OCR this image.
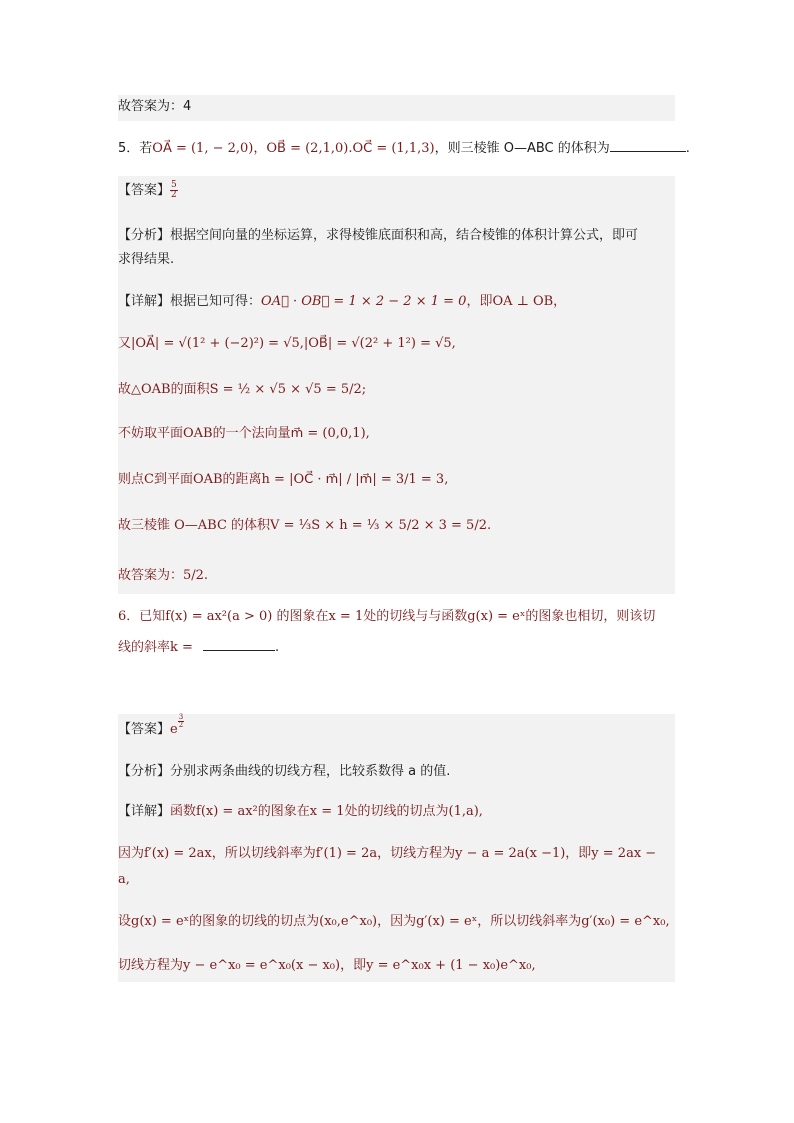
故答案为：4
5．若OA⃗ = (1, − 2,0)，OB⃗ = (2,1,0).OC⃗ = (1,1,3)，则三棱锥 O—ABC 的体积为	.
【答案】 $\frac{5}{2}$
【分析】根据空间向量的坐标运算，求得棱锥底面积和高，结合棱锥的体积计算公式，即可
求得结果.
【详解】根据已知可得：OA⃗ · OB⃗ = 1 × 2 − 2 × 1 = 0，即OA ⊥ OB，
又|OA⃗| = √(1² + (−2)²) = √5,|OB⃗| = √(2² + 1²) = √5,
故△OAB的面积S = ½ × √5 × √5 = 5/2;
不妨取平面OAB的一个法向量m⃗ = (0,0,1),
则点C到平面OAB的距离h = |OC⃗ · m⃗| / |m⃗| = 3/1 = 3,
故三棱锥 O—ABC 的体积V = ⅓S × h = ⅓ × 5/2 × 3 = 5/2.
故答案为：5/2.
6．已知f(x) = ax²(a > 0) 的图象在x = 1处的切线与与函数g(x) = eˣ的图象也相切，则该切
线的斜率k =	.
【答案】e
$\frac{3}{2}$
【分析】分别求两条曲线的切线方程，比较系数得 a 的值.
【详解】函数f(x) = ax²的图象在x = 1处的切线的切点为(1,a),
因为f′(x) = 2ax，所以切线斜率为f′(1) = 2a，切线方程为y − a = 2a(x −1)，即y = 2ax −
a,
设g(x) = eˣ的图象的切线的切点为(x₀,e^x₀)，因为g′(x) = eˣ，所以切线斜率为g′(x₀) = e^x₀,
切线方程为y − e^x₀ = e^x₀(x − x₀)，即y = e^x₀x + (1 − x₀)e^x₀,
